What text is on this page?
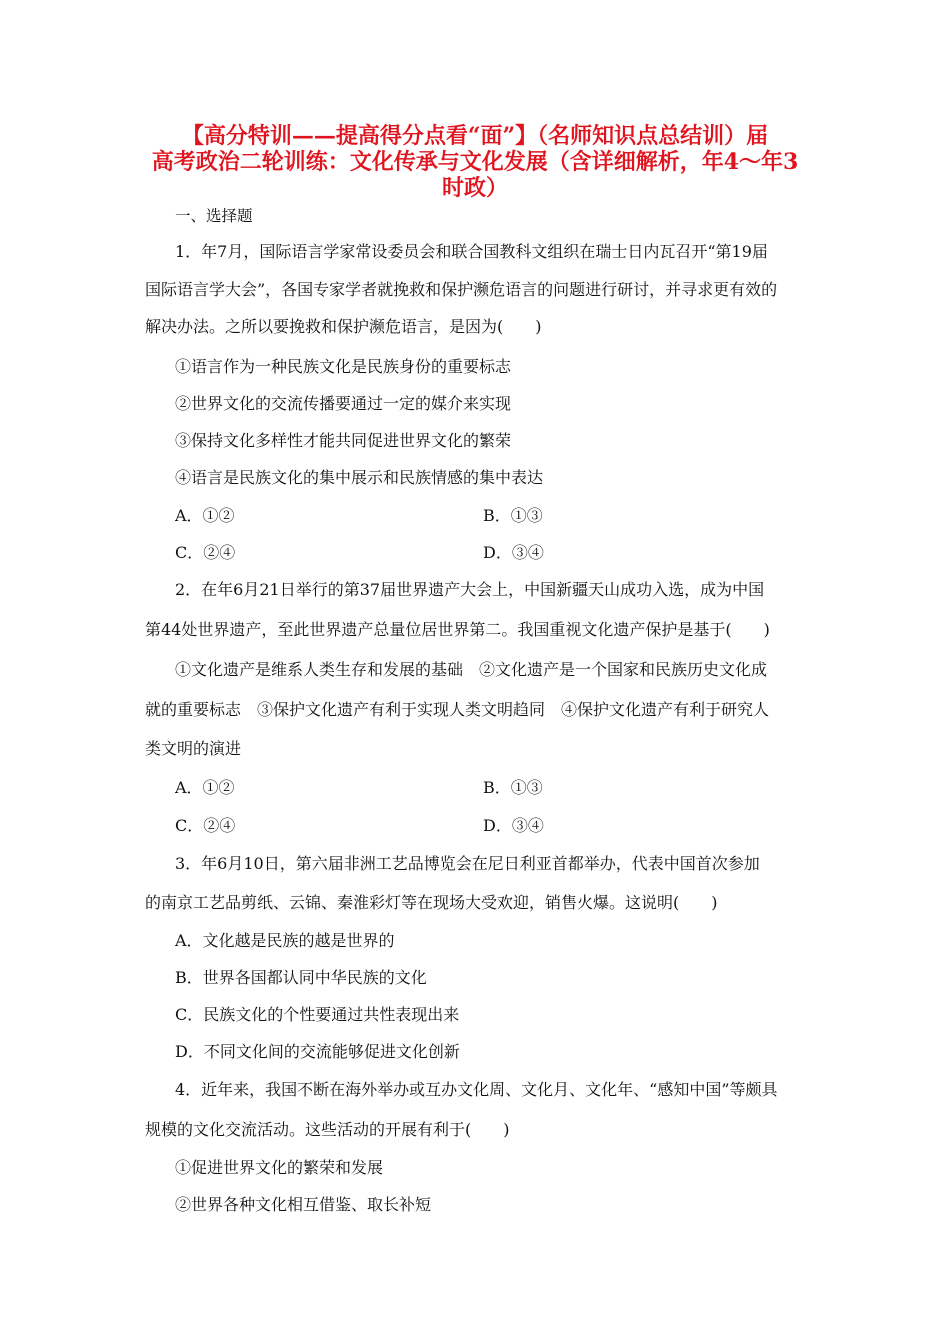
【高分特训——提高得分点看“面”】（名师知识点总结训）届
高考政治二轮训练：文化传承与文化发展（含详细解析，年4～年3
时政）
一、选择题
1．年7月，国际语言学家常设委员会和联合国教科文组织在瑞士日内瓦召开“第19届
国际语言学大会”，各国专家学者就挽救和保护濒危语言的问题进行研讨，并寻求更有效的
解决办法。之所以要挽救和保护濒危语言，是因为(　　)
①语言作为一种民族文化是民族身份的重要标志
②世界文化的交流传播要通过一定的媒介来实现
③保持文化多样性才能共同促进世界文化的繁荣
④语言是民族文化的集中展示和民族情感的集中表达
A．①②	B．①③
C．②④	D．③④
2．在年6月21日举行的第37届世界遗产大会上，中国新疆天山成功入选，成为中国
第44处世界遗产，至此世界遗产总量位居世界第二。我国重视文化遗产保护是基于(　　)
①文化遗产是维系人类生存和发展的基础　②文化遗产是一个国家和民族历史文化成
就的重要标志　③保护文化遗产有利于实现人类文明趋同　④保护文化遗产有利于研究人
类文明的演进
A．①②	B．①③
C．②④	D．③④
3．年6月10日，第六届非洲工艺品博览会在尼日利亚首都举办，代表中国首次参加
的南京工艺品剪纸、云锦、秦淮彩灯等在现场大受欢迎，销售火爆。这说明(　　)
A．文化越是民族的越是世界的
B．世界各国都认同中华民族的文化
C．民族文化的个性要通过共性表现出来
D．不同文化间的交流能够促进文化创新
4．近年来，我国不断在海外举办或互办文化周、文化月、文化年、“感知中国”等颇具
规模的文化交流活动。这些活动的开展有利于(　　)
①促进世界文化的繁荣和发展
②世界各种文化相互借鉴、取长补短
